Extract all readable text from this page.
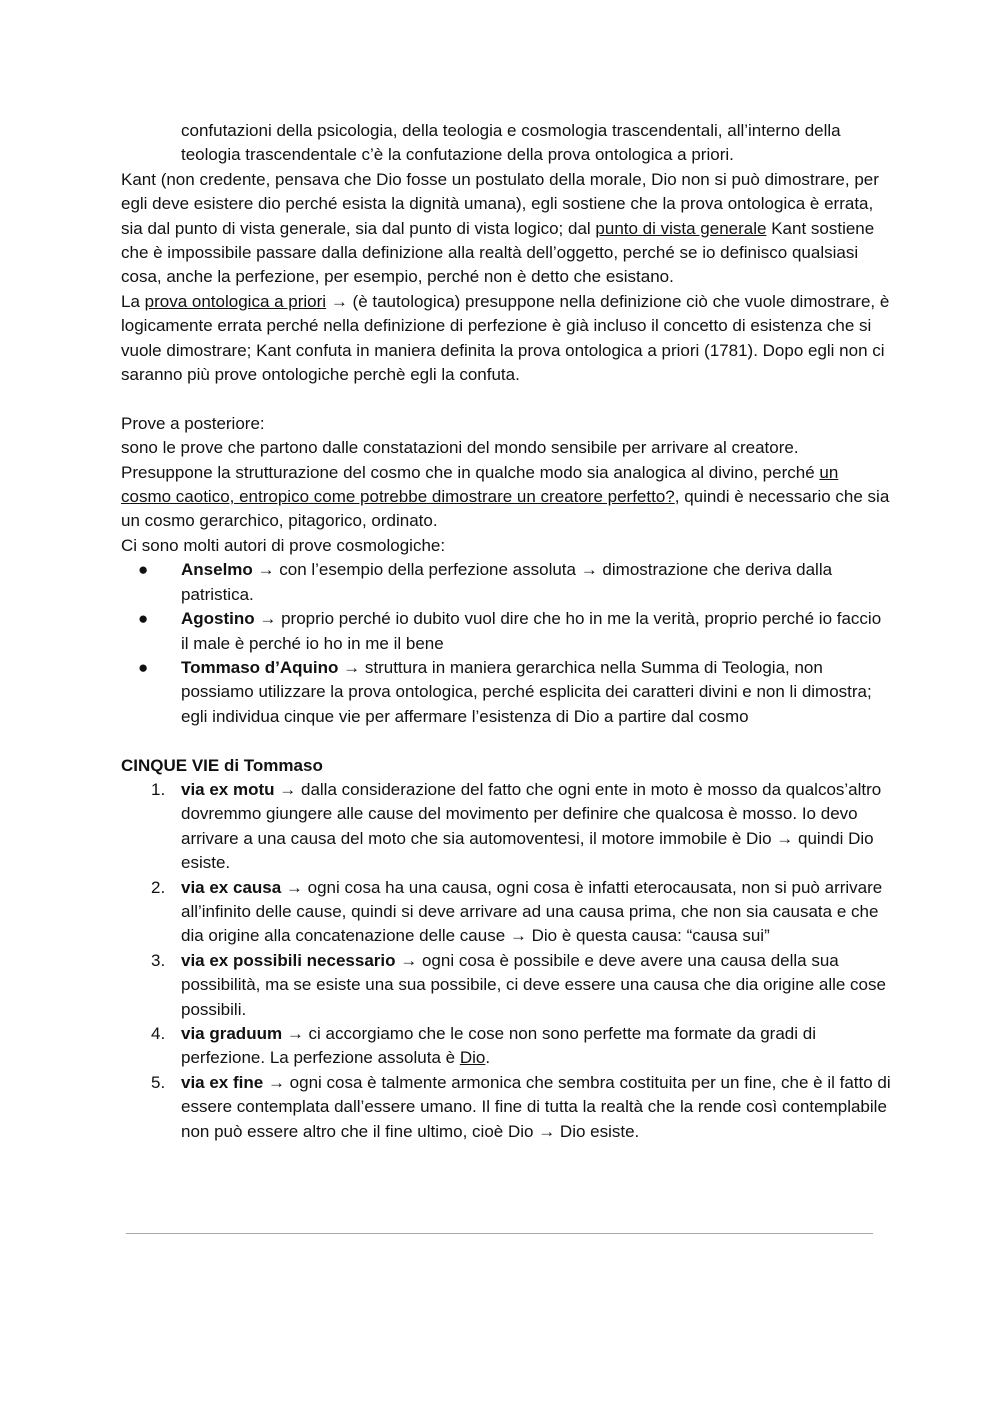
confutazioni della psicologia, della teologia e cosmologia trascendentali, all’interno della teologia trascendentale c’è la confutazione della prova ontologica a priori.

Kant (non credente, pensava che Dio fosse un postulato della morale, Dio non si può dimostrare, per egli deve esistere dio perché esista la dignità umana), egli sostiene che la prova ontologica è errata, sia dal punto di vista generale, sia dal punto di vista logico; dal punto di vista generale Kant sostiene che è impossibile passare dalla definizione alla realtà dell’oggetto, perché se io definisco qualsiasi cosa, anche la perfezione, per esempio, perché non è detto che esistano.

La prova ontologica a priori → (è tautologica) presuppone nella definizione ciò che vuole dimostrare, è logicamente errata perché nella definizione di perfezione è già incluso il concetto di esistenza che si vuole dimostrare; Kant confuta in maniera definita la prova ontologica a priori (1781). Dopo egli non ci saranno più prove ontologiche perchè egli la confuta.

Prove a posteriore:

sono le prove che partono dalle constatazioni del mondo sensibile per arrivare al creatore.

Presuppone la strutturazione del cosmo che in qualche modo sia analogica al divino, perché un cosmo caotico, entropico come potrebbe dimostrare un creatore perfetto?, quindi è necessario che sia un cosmo gerarchico, pitagorico, ordinato.

Ci sono molti autori di prove cosmologiche:

● Anselmo → con l’esempio della perfezione assoluta → dimostrazione che deriva dalla patristica.
● Agostino → proprio perché io dubito vuol dire che ho in me la verità, proprio perché io faccio il male è perché io ho in me il bene
● Tommaso d’Aquino → struttura in maniera gerarchica nella Summa di Teologia, non possiamo utilizzare la prova ontologica, perché esplicita dei caratteri divini e non li dimostra; egli individua cinque vie per affermare l’esistenza di Dio a partire dal cosmo

CINQUE VIE di Tommaso

1. via ex motu → dalla considerazione del fatto che ogni ente in moto è mosso da qualcos’altro dovremmo giungere alle cause del movimento per definire che qualcosa è mosso. Io devo arrivare a una causa del moto che sia automoventesi, il motore immobile è Dio → quindi Dio esiste.
2. via ex causa → ogni cosa ha una causa, ogni cosa è infatti eterocausata, non si può arrivare all’infinito delle cause, quindi si deve arrivare ad una causa prima, che non sia causata e che dia origine alla concatenazione delle cause → Dio è questa causa: “causa sui”
3. via ex possibili necessario → ogni cosa è possibile e deve avere una causa della sua possibilità, ma se esiste una sua possibile, ci deve essere una causa che dia origine alle cose possibili.
4. via graduum → ci accorgiamo che le cose non sono perfette ma formate da gradi di perfezione. La perfezione assoluta è Dio.
5. via ex fine → ogni cosa è talmente armonica che sembra costituita per un fine, che è il fatto di essere contemplata dall’essere umano. Il fine di tutta la realtà che la rende così contemplabile non può essere altro che il fine ultimo, cioè Dio → Dio esiste.
